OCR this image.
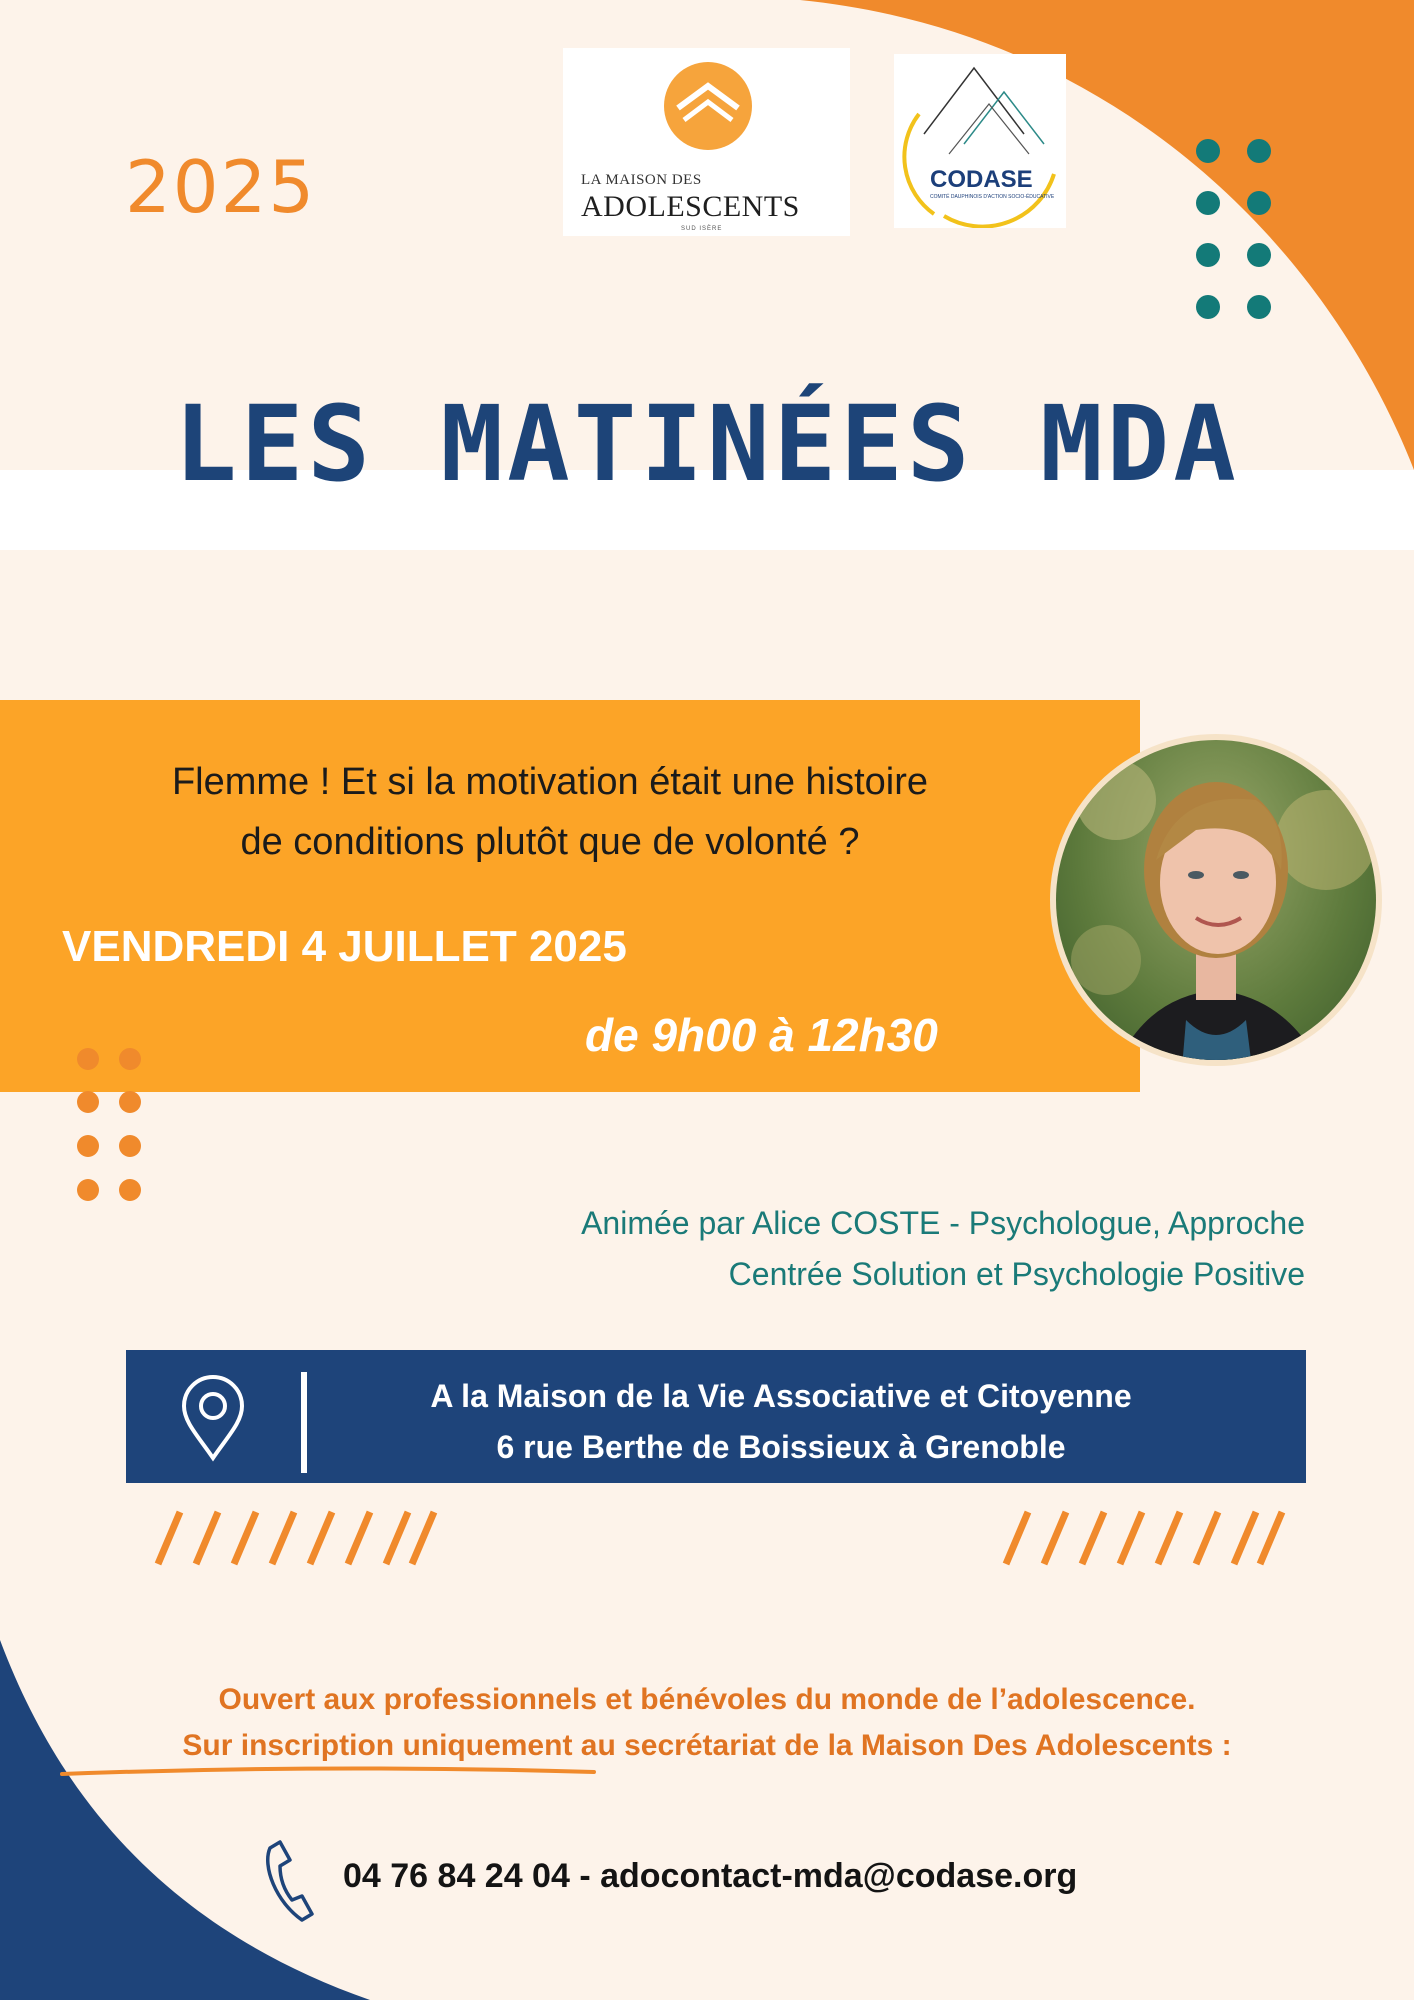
2025	LA MAISON DES
ADOLESCENTS
SUD ISÈRE
CODASE
COMITÉ DAUPHINOIS D'ACTION SOCIO-ÉDUCATIVE
LES MATINÉES MDA
Flemme ! Et si la motivation était une histoire
de conditions plutôt que de volonté ?
VENDREDI 4 JUILLET 2025
de 9h00 à 12h30
Animée par Alice COSTE - Psychologue, Approche
Centrée Solution et Psychologie Positive
A la Maison de la Vie Associative et Citoyenne
6 rue Berthe de Boissieux à Grenoble
Ouvert aux professionnels et bénévoles du monde de l’adolescence.
Sur inscription uniquement au secrétariat de la Maison Des Adolescents :
04 76 84 24 04 - adocontact-mda@codase.org
